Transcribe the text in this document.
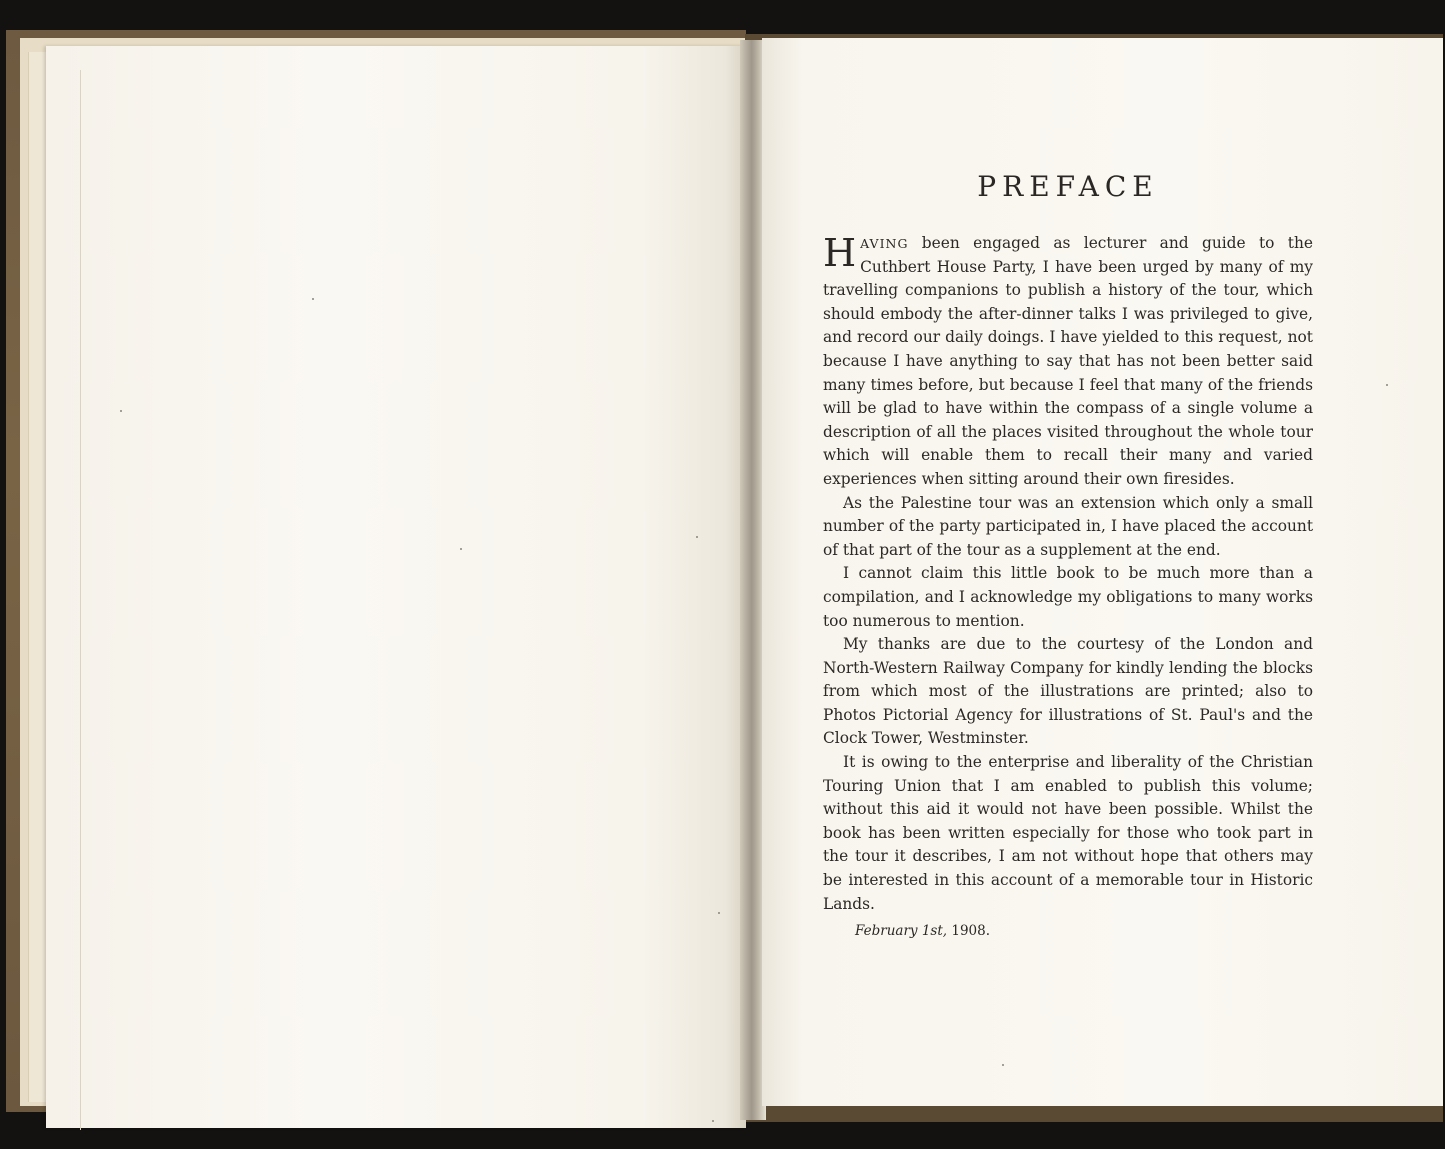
PREFACE

HAVING been engaged as lecturer and guide to the Cuthbert House Party, I have been urged by many of my travelling companions to publish a history of the tour, which should embody the after-dinner talks I was privileged to give, and record our daily doings. I have yielded to this request, not because I have anything to say that has not been better said many times before, but because I feel that many of the friends will be glad to have within the compass of a single volume a description of all the places visited throughout the whole tour which will enable them to recall their many and varied experiences when sitting around their own firesides.

As the Palestine tour was an extension which only a small number of the party participated in, I have placed the account of that part of the tour as a supplement at the end.

I cannot claim this little book to be much more than a compilation, and I acknowledge my obligations to many works too numerous to mention.

My thanks are due to the courtesy of the London and North-Western Railway Company for kindly lending the blocks from which most of the illustrations are printed; also to Photos Pictorial Agency for illustrations of St. Paul's and the Clock Tower, Westminster.

It is owing to the enterprise and liberality of the Christian Touring Union that I am enabled to publish this volume; without this aid it would not have been possible. Whilst the book has been written especially for those who took part in the tour it describes, I am not without hope that others may be interested in this account of a memorable tour in Historic Lands.

February 1st, 1908.
